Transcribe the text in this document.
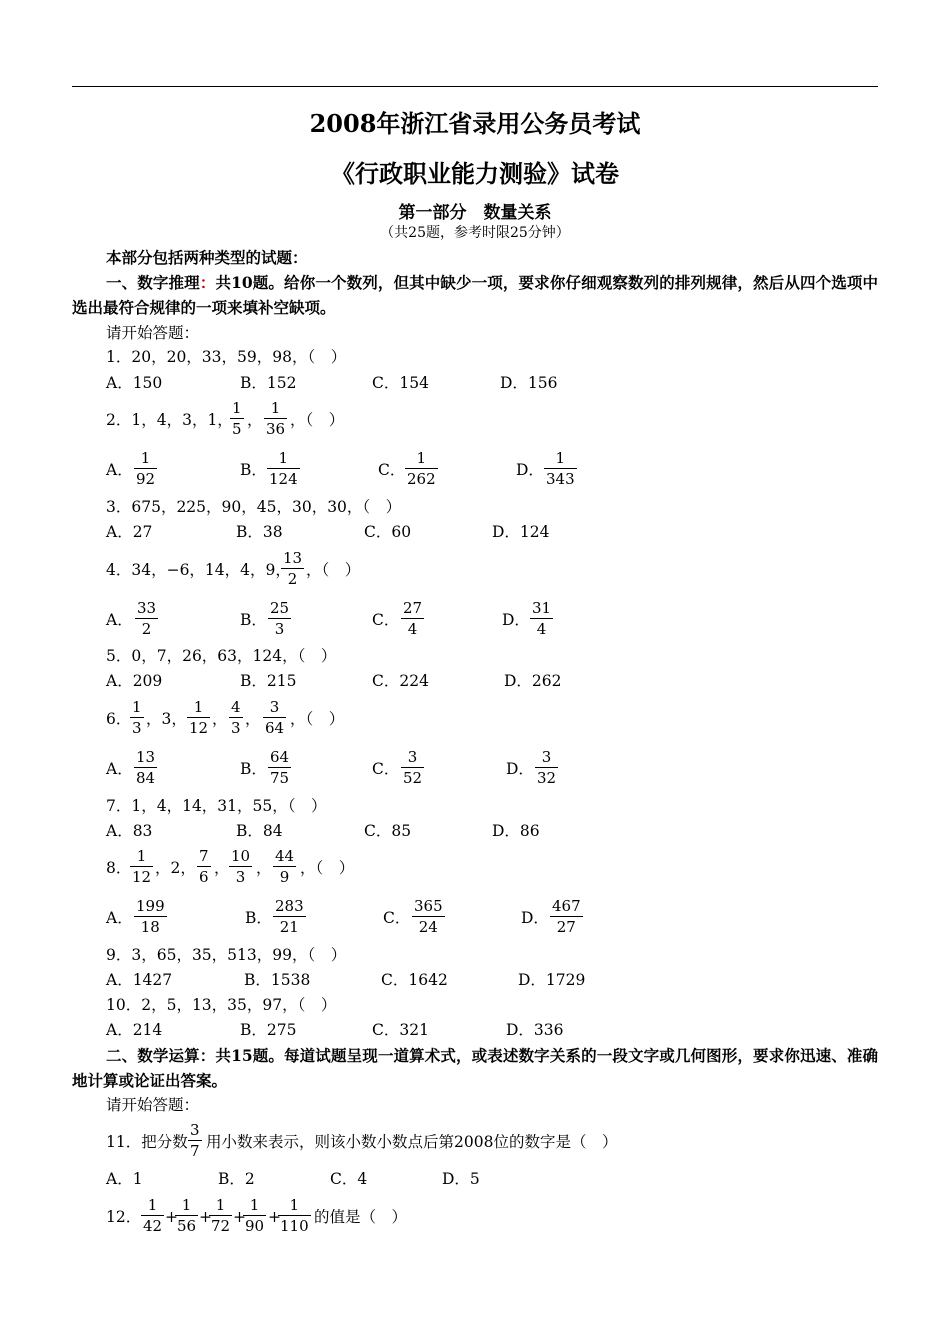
2008年浙江省录用公务员考试
《行政职业能力测验》试卷
第一部分　数量关系
（共25题，参考时限25分钟）
本部分包括两种类型的试题：
一、数字推理：共10题。给你一个数列，但其中缺少一项，要求你仔细观察数列的排列规律，然后从四个选项中选出最符合规律的一项来填补空缺项。
请开始答题：
1．20，20，33，59，98，（　）
A．150	B．152	C．154	D．156
2．1，4，3，1，
$\frac{1}{5}$ ， $\frac{1}{36}$ ，（　）
A． $\frac{1}{92}$	B． $\frac{1}{124}$	C． $\frac{1}{262}$	D． $\frac{1}{343}$
3．675，225，90，45，30，30，（　）
A．27	B．38	C．60	D．124
4．34，−6，14，4，9，
$\frac{13}{2}$ ，（　）
A． $\frac{33}{2}$	B． $\frac{25}{3}$	C． $\frac{27}{4}$	D． $\frac{31}{4}$
5．0，7，26，63，124，（　）
A．209	B．215	C．224	D．262
6．
$\frac{1}{3}$ ，3， $\frac{1}{12}$ ， $\frac{4}{3}$ ， $\frac{3}{64}$ ，（　）
A． $\frac{13}{84}$	B． $\frac{64}{75}$	C． $\frac{3}{52}$	D． $\frac{3}{32}$
7．1，4，14，31，55，（　）
A．83	B．84	C．85	D．86
8．
$\frac{1}{12}$ ，2， $\frac{7}{6}$ ， $\frac{10}{3}$ ， $\frac{44}{9}$ ，（　）
A． $\frac{199}{18}$	B． $\frac{283}{21}$	C． $\frac{365}{24}$	D． $\frac{467}{27}$
9．3，65，35，513，99，（　）
A．1427	B．1538	C．1642	D．1729
10．2，5，13，35，97，（　）
A．214	B．275	C．321	D．336
二、数学运算：共15题。每道试题呈现一道算术式，或表述数字关系的一段文字或几何图形，要求你迅速、准确地计算或论证出答案。
请开始答题：
11．把分数 $\frac{3}{7}$ 用小数来表示，则该小数小数点后第2008位的数字是（　）
A．1	B．2	C．4	D．5
12． $\frac{1}{42}$ +
$\frac{1}{56}$ +
$\frac{1}{72}$ +
$\frac{1}{90}$ +
$\frac{1}{110}$ 的值是（　）
